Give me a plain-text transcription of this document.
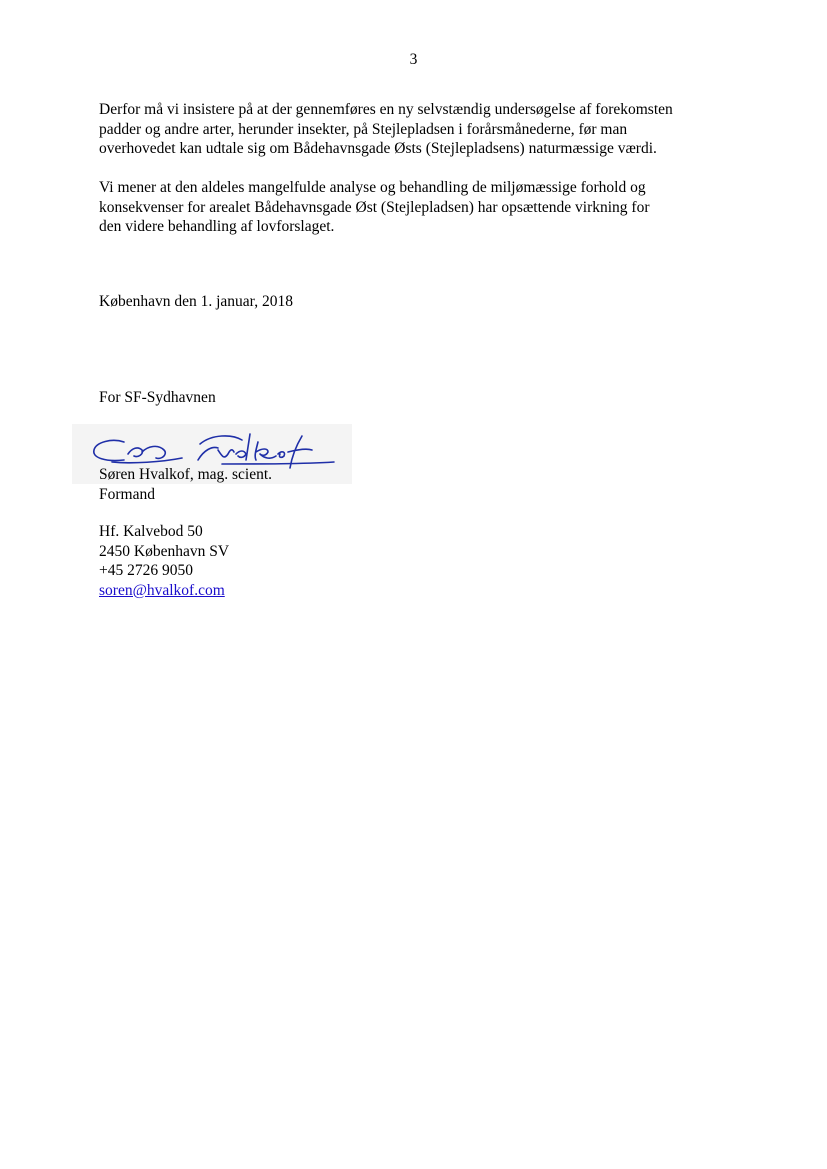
3
Derfor må vi insistere på at der gennemføres en ny selvstændig undersøgelse af forekomsten
padder og andre arter, herunder insekter, på Stejlepladsen i forårsmånederne, før man
overhovedet kan udtale sig om Bådehavnsgade Østs (Stejlepladsens) naturmæssige værdi.
Vi mener at den aldeles mangelfulde analyse og behandling de miljømæssige forhold og
konsekvenser for arealet Bådehavnsgade Øst (Stejlepladsen) har opsættende virkning for
den videre behandling af lovforslaget.
København den 1. januar, 2018
For SF-Sydhavnen
Søren Hvalkof, mag. scient.
Formand
Hf. Kalvebod 50
2450 København SV
+45 2726 9050
soren@hvalkof.com
